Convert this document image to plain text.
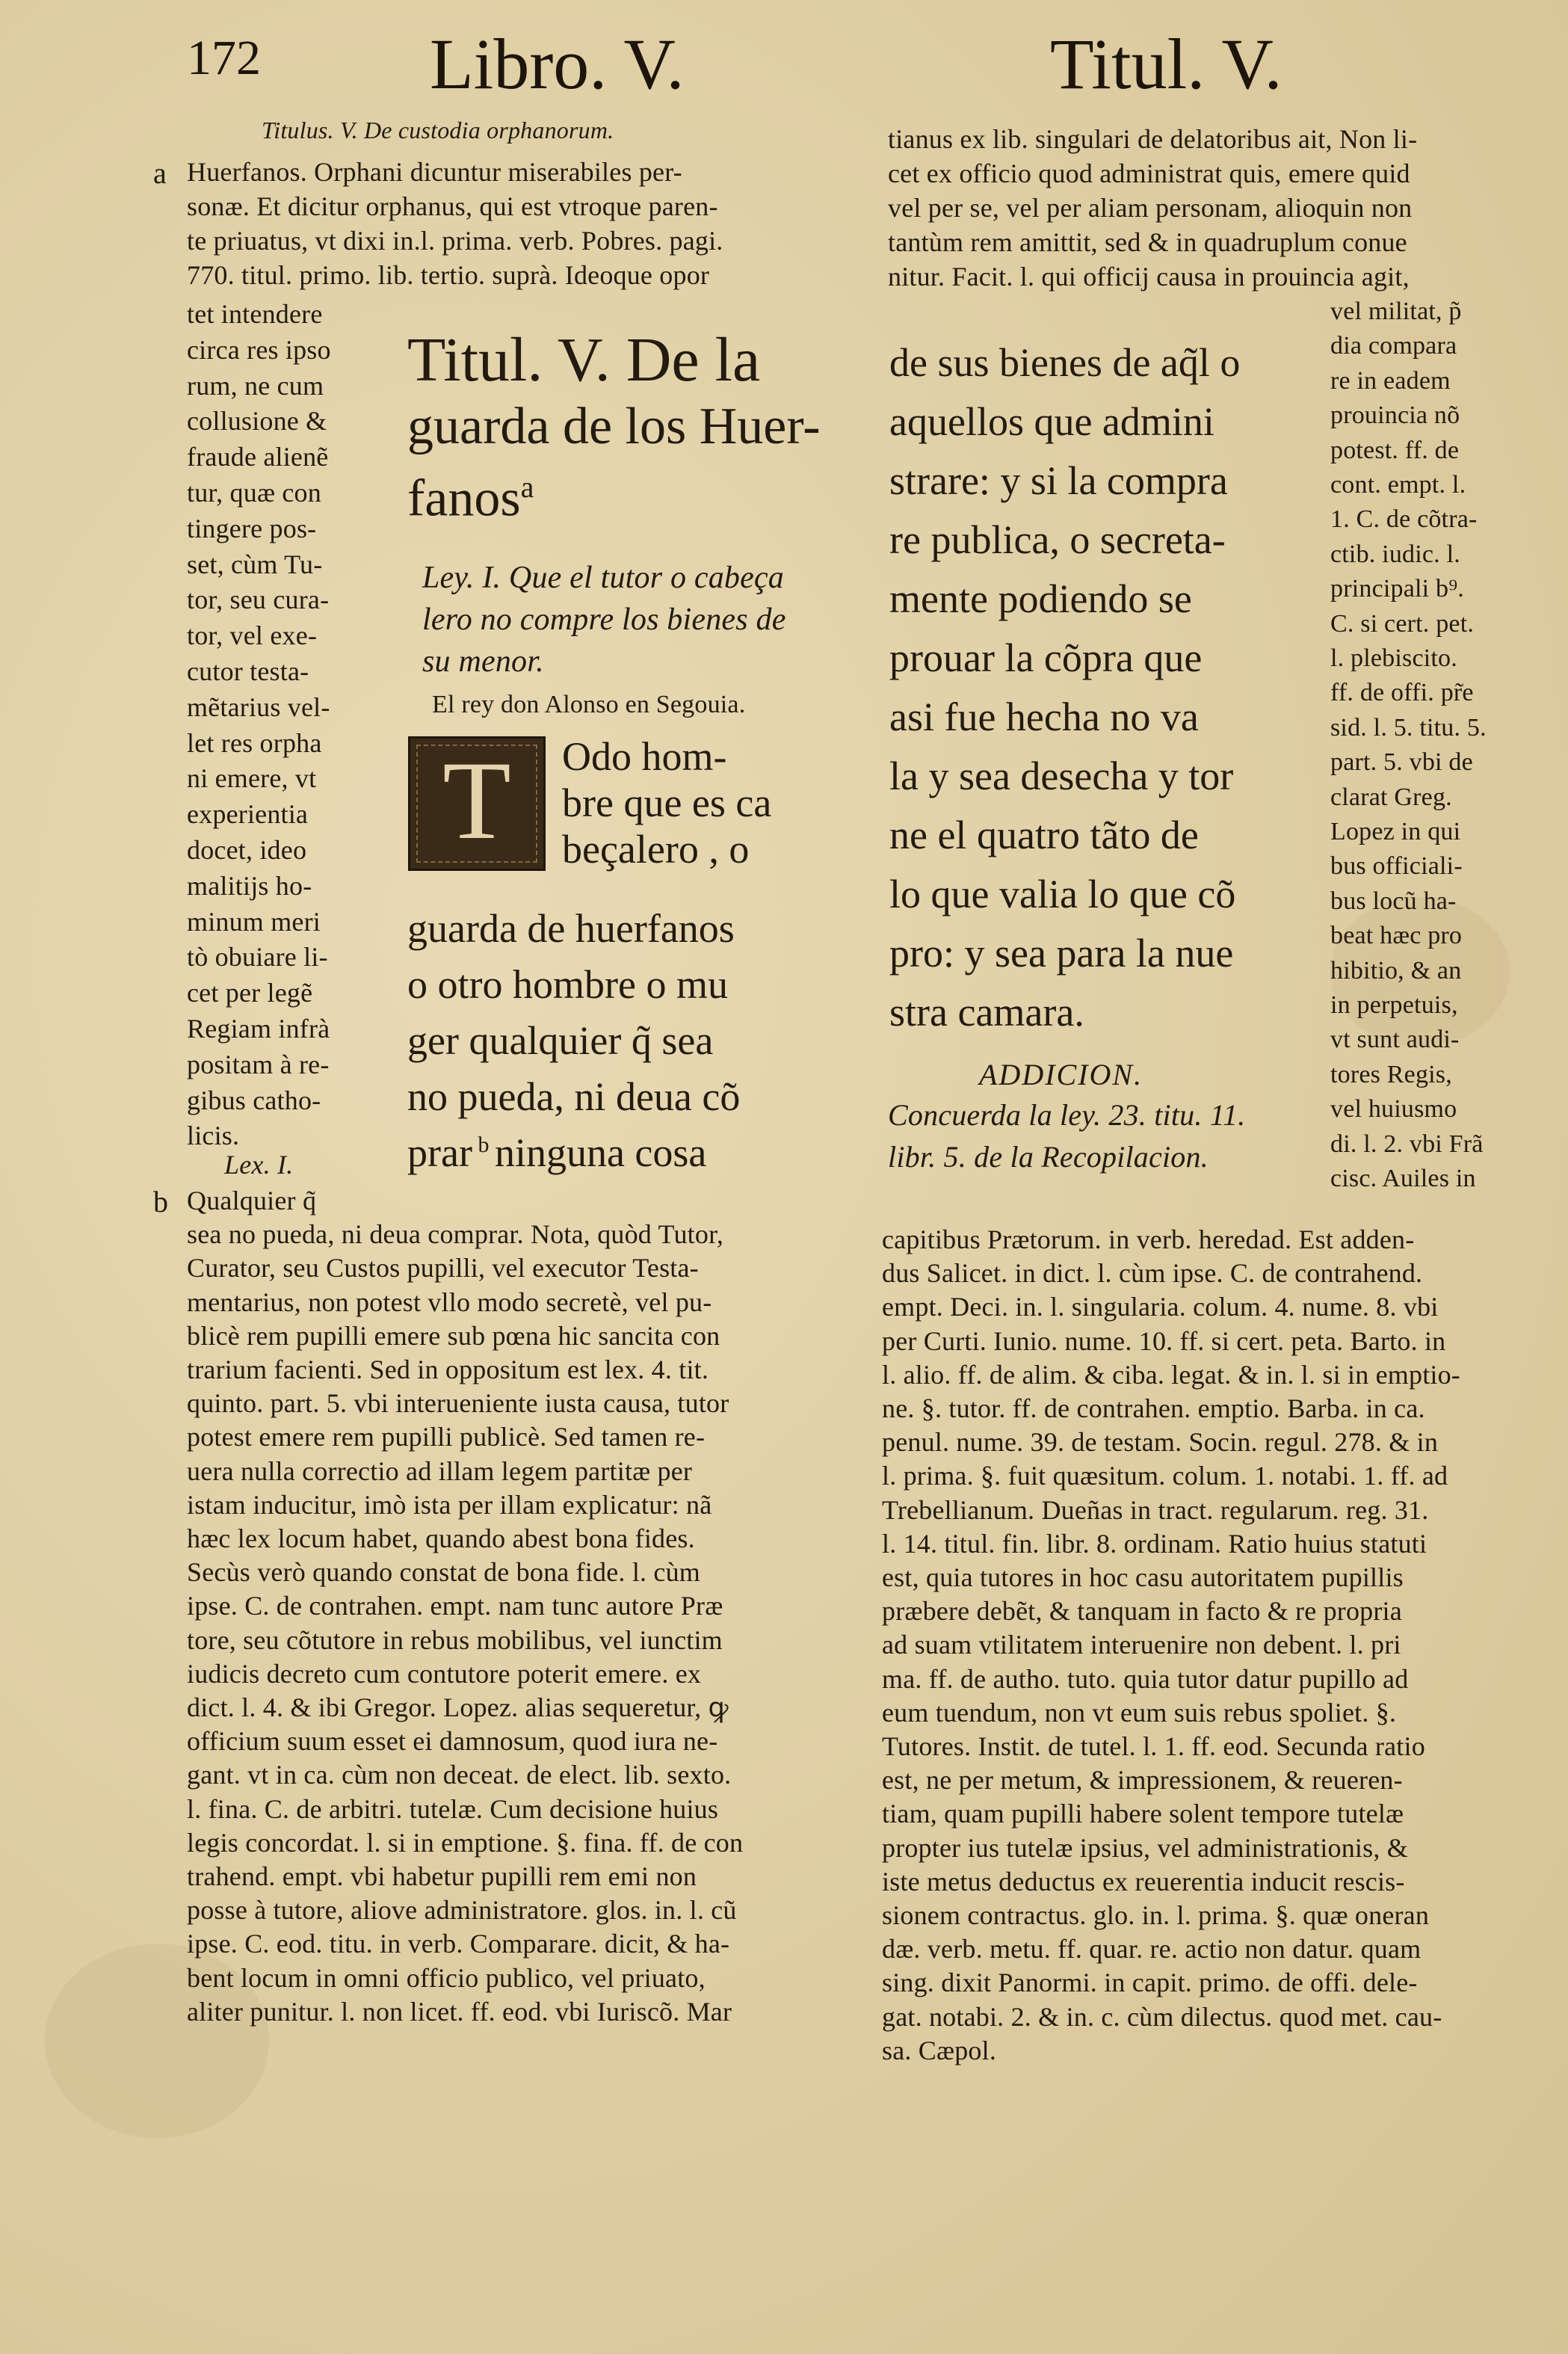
172 Libro. V.	Titul. V.
Titulus. V. De custodia orphanorum.
a Huerfanos. Orphani dicuntur miserabiles per-
sonæ. Et dicitur orphanus, qui est vtroque paren-
te priuatus, vt dixi in.l. prima. verb. Pobres. pagi.
770. titul. primo. lib. tertio. suprà. Ideoque opor
tet intendere
circa res ipso
rum, ne cum
collusione &
fraude alienẽ
tur, quæ con
tingere pos-
set, cùm Tu-
tor, seu cura-
tor, vel exe-
cutor testa-
mẽtarius vel-
let res orpha
ni emere, vt
experientia
docet, ideo
malitijs ho-
minum meri
tò obuiare li-
cet per legẽ
Regiam infrà
positam à re-
gibus catho-
licis.
Lex. I.
b Qualquier q̃
sea no pueda, ni deua comprar. Nota, quòd Tutor,
Curator, seu Custos pupilli, vel executor Testa-
mentarius, non potest vllo modo secretè, vel pu-
blicè rem pupilli emere sub pœna hic sancita con
trarium facienti. Sed in oppositum est lex. 4. tit.
quinto. part. 5. vbi interueniente iusta causa, tutor
potest emere rem pupilli publicè. Sed tamen re-
uera nulla correctio ad illam legem partitæ per
istam inducitur, imò ista per illam explicatur: nã
hæc lex locum habet, quando abest bona fides.
Secùs verò quando constat de bona fide. l. cùm
ipse. C. de contrahen. empt. nam tunc autore Præ
tore, seu cõtutore in rebus mobilibus, vel iunctim
iudicis decreto cum contutore poterit emere. ex
dict. l. 4. & ibi Gregor. Lopez. alias sequeretur, ꝙ
officium suum esset ei damnosum, quod iura ne-
gant. vt in ca. cùm non deceat. de elect. lib. sexto.
l. fina. C. de arbitri. tutelæ. Cum decisione huius
legis concordat. l. si in emptione. §. fina. ff. de con
trahend. empt. vbi habetur pupilli rem emi non
posse à tutore, aliove administratore. glos. in. l. cũ
ipse. C. eod. titu. in verb. Comparare. dicit, & ha-
bent locum in omni officio publico, vel priuato,
aliter punitur. l. non licet. ff. eod. vbi Iuriscõ. Mar
Titul. V. De la
guarda de los Huer-
fanos$^a$
Ley. I. Que el tutor o cabeça
lero no compre los bienes de
su menor.
El rey don Alonso en Segouia.
T	Odo hom-
bre que es ca
beçalero , o
guarda de huerfanos
o otro hombre o mu
ger qualquier q̃ sea
no pueda, ni deua cõ
prar $^b$ ninguna cosa
de sus bienes de aq̃l o
aquellos que admini
strare: y si la compra
re publica, o secreta-
mente podiendo se
prouar la cõpra que
asi fue hecha no va
la y sea desecha y tor
ne el quatro tãto de
lo que valia lo que cõ
pro: y sea para la nue
stra camara.
ADDICION.
Concuerda la ley. 23. titu. 11.
libr. 5. de la Recopilacion.
tianus ex lib. singulari de delatoribus ait, Non li-
cet ex officio quod administrat quis, emere quid
vel per se, vel per aliam personam, alioquin non
tantùm rem amittit, sed & in quadruplum conue
nitur. Facit. l. qui officij causa in prouincia agit,
vel militat, p̃
dia compara
re in eadem
prouincia nõ
potest. ff. de
cont. empt. l.
1. C. de cõtra-
ctib. iudic. l.
principali b⁹.
C. si cert. pet.
l. plebiscito.
ff. de offi. pr̃e
sid. l. 5. titu. 5.
part. 5. vbi de
clarat Greg.
Lopez in qui
bus officiali-
bus locũ ha-
beat hæc pro
hibitio, & an
in perpetuis,
vt sunt audi-
tores Regis,
vel huiusmo
di. l. 2. vbi Frã
cisc. Auiles in
capitibus Prætorum. in verb. heredad. Est adden-
dus Salicet. in dict. l. cùm ipse. C. de contrahend.
empt. Deci. in. l. singularia. colum. 4. nume. 8. vbi
per Curti. Iunio. nume. 10. ff. si cert. peta. Barto. in
l. alio. ff. de alim. & ciba. legat. & in. l. si in emptio-
ne. §. tutor. ff. de contrahen. emptio. Barba. in ca.
penul. nume. 39. de testam. Socin. regul. 278. & in
l. prima. §. fuit quæsitum. colum. 1. notabi. 1. ff. ad
Trebellianum. Dueñas in tract. regularum. reg. 31.
l. 14. titul. fin. libr. 8. ordinam. Ratio huius statuti
est, quia tutores in hoc casu autoritatem pupillis
præbere debẽt, & tanquam in facto & re propria
ad suam vtilitatem interuenire non debent. l. pri
ma. ff. de autho. tuto. quia tutor datur pupillo ad
eum tuendum, non vt eum suis rebus spoliet. §.
Tutores. Instit. de tutel. l. 1. ff. eod. Secunda ratio
est, ne per metum, & impressionem, & reueren-
tiam, quam pupilli habere solent tempore tutelæ
propter ius tutelæ ipsius, vel administrationis, &
iste metus deductus ex reuerentia inducit rescis-
sionem contractus. glo. in. l. prima. §. quæ oneran
dæ. verb. metu. ff. quar. re. actio non datur. quam
sing. dixit Panormi. in capit. primo. de offi. dele-
gat. notabi. 2. & in. c. cùm dilectus. quod met. cau-
sa. Cæpol.
